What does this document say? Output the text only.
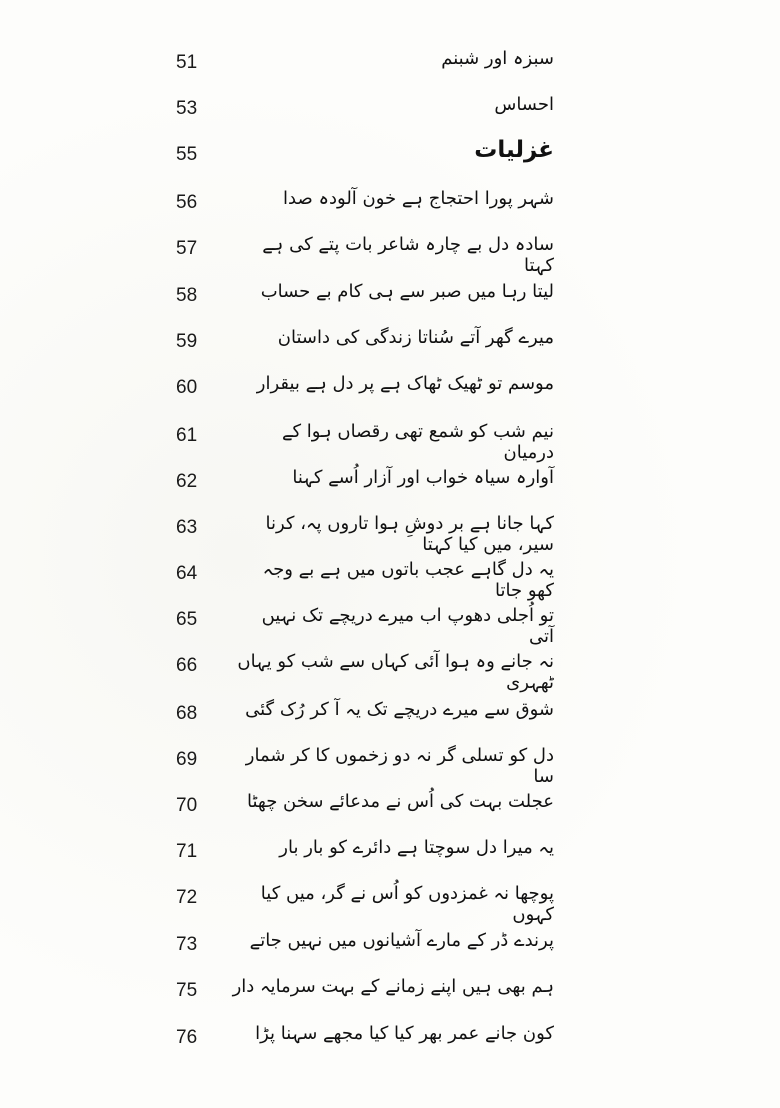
51	سبزہ اور شبنم
53	احساس
55	غزلیات
56	شہر پورا احتجاج ہے خون آلودہ صدا
57	سادہ دل بے چارہ شاعر بات پتے کی ہے کہتا
58	لیتا رہا میں صبر سے ہی کام بے حساب
59	میرے گھر آتے سُناتا زندگی کی داستان
60	موسم تو ٹھیک ٹھاک ہے پر دل ہے بیقرار
61	نیم شب کو شمع تھی رقصاں ہوا کے درمیان
62	آوارہ سیاہ خواب اور آزار اُسے کہنا
63	کہا جانا ہے بر دوشِ ہوا تاروں پہ، کرنا سیر، میں کیا کہتا
64	یہ دل گاہے عجب باتوں میں ہے بے وجہ کھو جاتا
65	تو اُجلی دھوپ اب میرے دریچے تک نہیں آتی
66	نہ جانے وہ ہوا آئی کہاں سے شب کو یہاں ٹھہری
68	شوق سے میرے دریچے تک یہ آ کر رُک گئی
69	دل کو تسلی گر نہ دو زخموں کا کر شمار سا
70	عجلت بہت کی اُس نے مدعائے سخن چھٹا
71	یہ میرا دل سوچتا ہے دائرے کو بار بار
72	پوچھا نہ غمزدوں کو اُس نے گر، میں کیا کہوں
73	پرندے ڈر کے مارے آشیانوں میں نہیں جاتے
75	ہم بھی ہیں اپنے زمانے کے بہت سرمایہ دار
76	کون جانے عمر بھر کیا کیا مجھے سہنا پڑا
